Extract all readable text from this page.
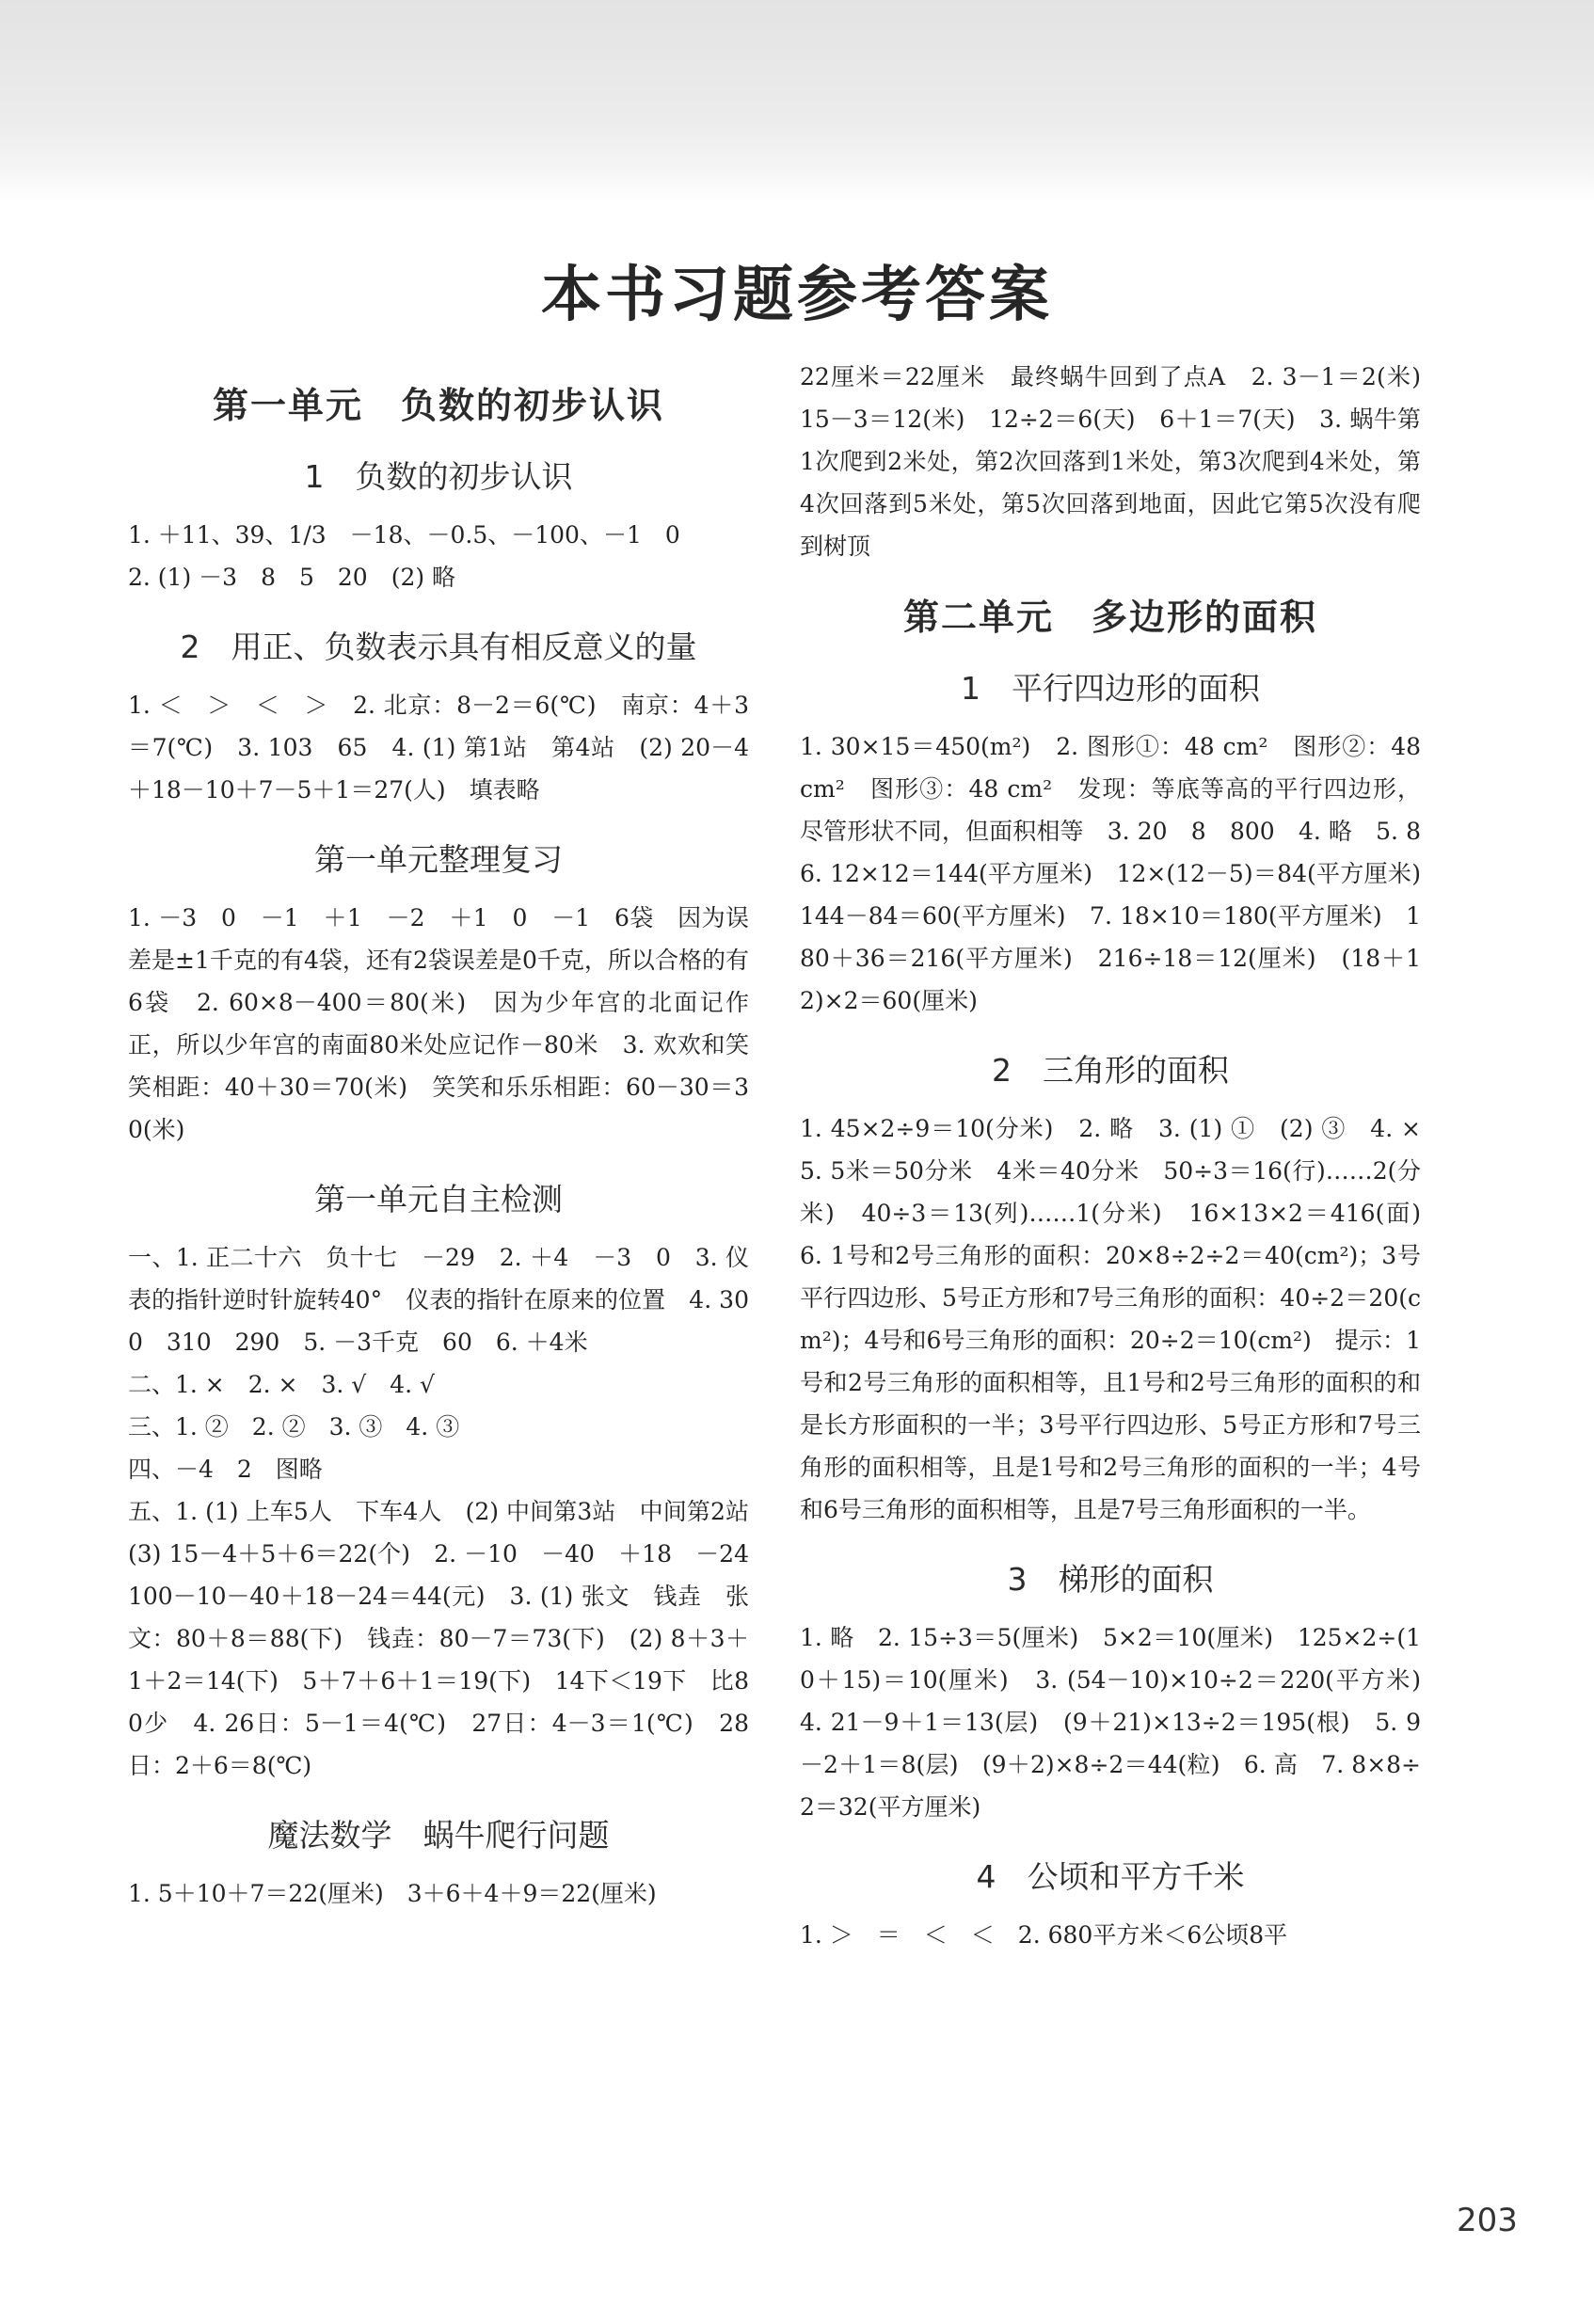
本书习题参考答案
第一单元　负数的初步认识
1　负数的初步认识

1. ＋11、39、1/3　－18、－0.5、－100、－1　0

2. (1) －3　8　5　20　(2) 略

2　用正、负数表示具有相反意义的量

1. ＜　＞　＜　＞　2. 北京：8－2＝6(℃)　南京：4＋3＝7(℃)　3. 103　65　4. (1) 第1站　第4站　(2) 20－4＋18－10＋7－5＋1＝27(人)　填表略

第一单元整理复习

1. －3　0　－1　＋1　－2　＋1　0　－1　6袋　因为误差是±1千克的有4袋，还有2袋误差是0千克，所以合格的有6袋　2. 60×8－400＝80(米)　因为少年宫的北面记作正，所以少年宫的南面80米处应记作－80米　3. 欢欢和笑笑相距：40＋30＝70(米)　笑笑和乐乐相距：60－30＝30(米)

第一单元自主检测

一、1. 正二十六　负十七　－29　2. ＋4　－3　0　3. 仪表的指针逆时针旋转40°　仪表的指针在原来的位置　4. 300　310　290　5. －3千克　60　6. ＋4米

二、1. ×　2. ×　3. √　4. √

三、1. ②　2. ②　3. ③　4. ③

四、－4　2　图略

五、1. (1) 上车5人　下车4人　(2) 中间第3站　中间第2站　(3) 15－4＋5＋6＝22(个)　2. －10　－40　＋18　－24　100－10－40＋18－24＝44(元)　3. (1) 张文　钱垚　张文：80＋8＝88(下)　钱垚：80－7＝73(下)　(2) 8＋3＋1＋2＝14(下)　5＋7＋6＋1＝19(下)　14下＜19下　比80少　4. 26日：5－1＝4(℃)　27日：4－3＝1(℃)　28日：2＋6＝8(℃)

魔法数学　蜗牛爬行问题

1. 5＋10＋7＝22(厘米)　3＋6＋4＋9＝22(厘米)

22厘米＝22厘米　最终蜗牛回到了点A　2. 3－1＝2(米)　15－3＝12(米)　12÷2＝6(天)　6＋1＝7(天)　3. 蜗牛第1次爬到2米处，第2次回落到1米处，第3次爬到4米处，第4次回落到5米处，第5次回落到地面，因此它第5次没有爬到树顶

第二单元　多边形的面积
1　平行四边形的面积

1. 30×15＝450(m²)　2. 图形①：48 cm²　图形②：48 cm²　图形③：48 cm²　发现：等底等高的平行四边形，尽管形状不同，但面积相等　3. 20　8　800　4. 略　5. 8　6. 12×12＝144(平方厘米)　12×(12－5)＝84(平方厘米)　144－84＝60(平方厘米)　7. 18×10＝180(平方厘米)　180＋36＝216(平方厘米)　216÷18＝12(厘米)　(18＋12)×2＝60(厘米)

2　三角形的面积

1. 45×2÷9＝10(分米)　2. 略　3. (1) ①　(2) ③　4. ×　5. 5米＝50分米　4米＝40分米　50÷3＝16(行)……2(分米)　40÷3＝13(列)……1(分米)　16×13×2＝416(面)　6. 1号和2号三角形的面积：20×8÷2÷2＝40(cm²)；3号平行四边形、5号正方形和7号三角形的面积：40÷2＝20(cm²)；4号和6号三角形的面积：20÷2＝10(cm²)　提示：1号和2号三角形的面积相等，且1号和2号三角形的面积的和是长方形面积的一半；3号平行四边形、5号正方形和7号三角形的面积相等，且是1号和2号三角形的面积的一半；4号和6号三角形的面积相等，且是7号三角形面积的一半。

3　梯形的面积

1. 略　2. 15÷3＝5(厘米)　5×2＝10(厘米)　125×2÷(10＋15)＝10(厘米)　3. (54－10)×10÷2＝220(平方米)　4. 21－9＋1＝13(层)　(9＋21)×13÷2＝195(根)　5. 9－2＋1＝8(层)　(9＋2)×8÷2＝44(粒)　6. 高　7. 8×8÷2＝32(平方厘米)

4　公顷和平方千米

1. ＞　＝　＜　＜　2. 680平方米＜6公顷8平

203
